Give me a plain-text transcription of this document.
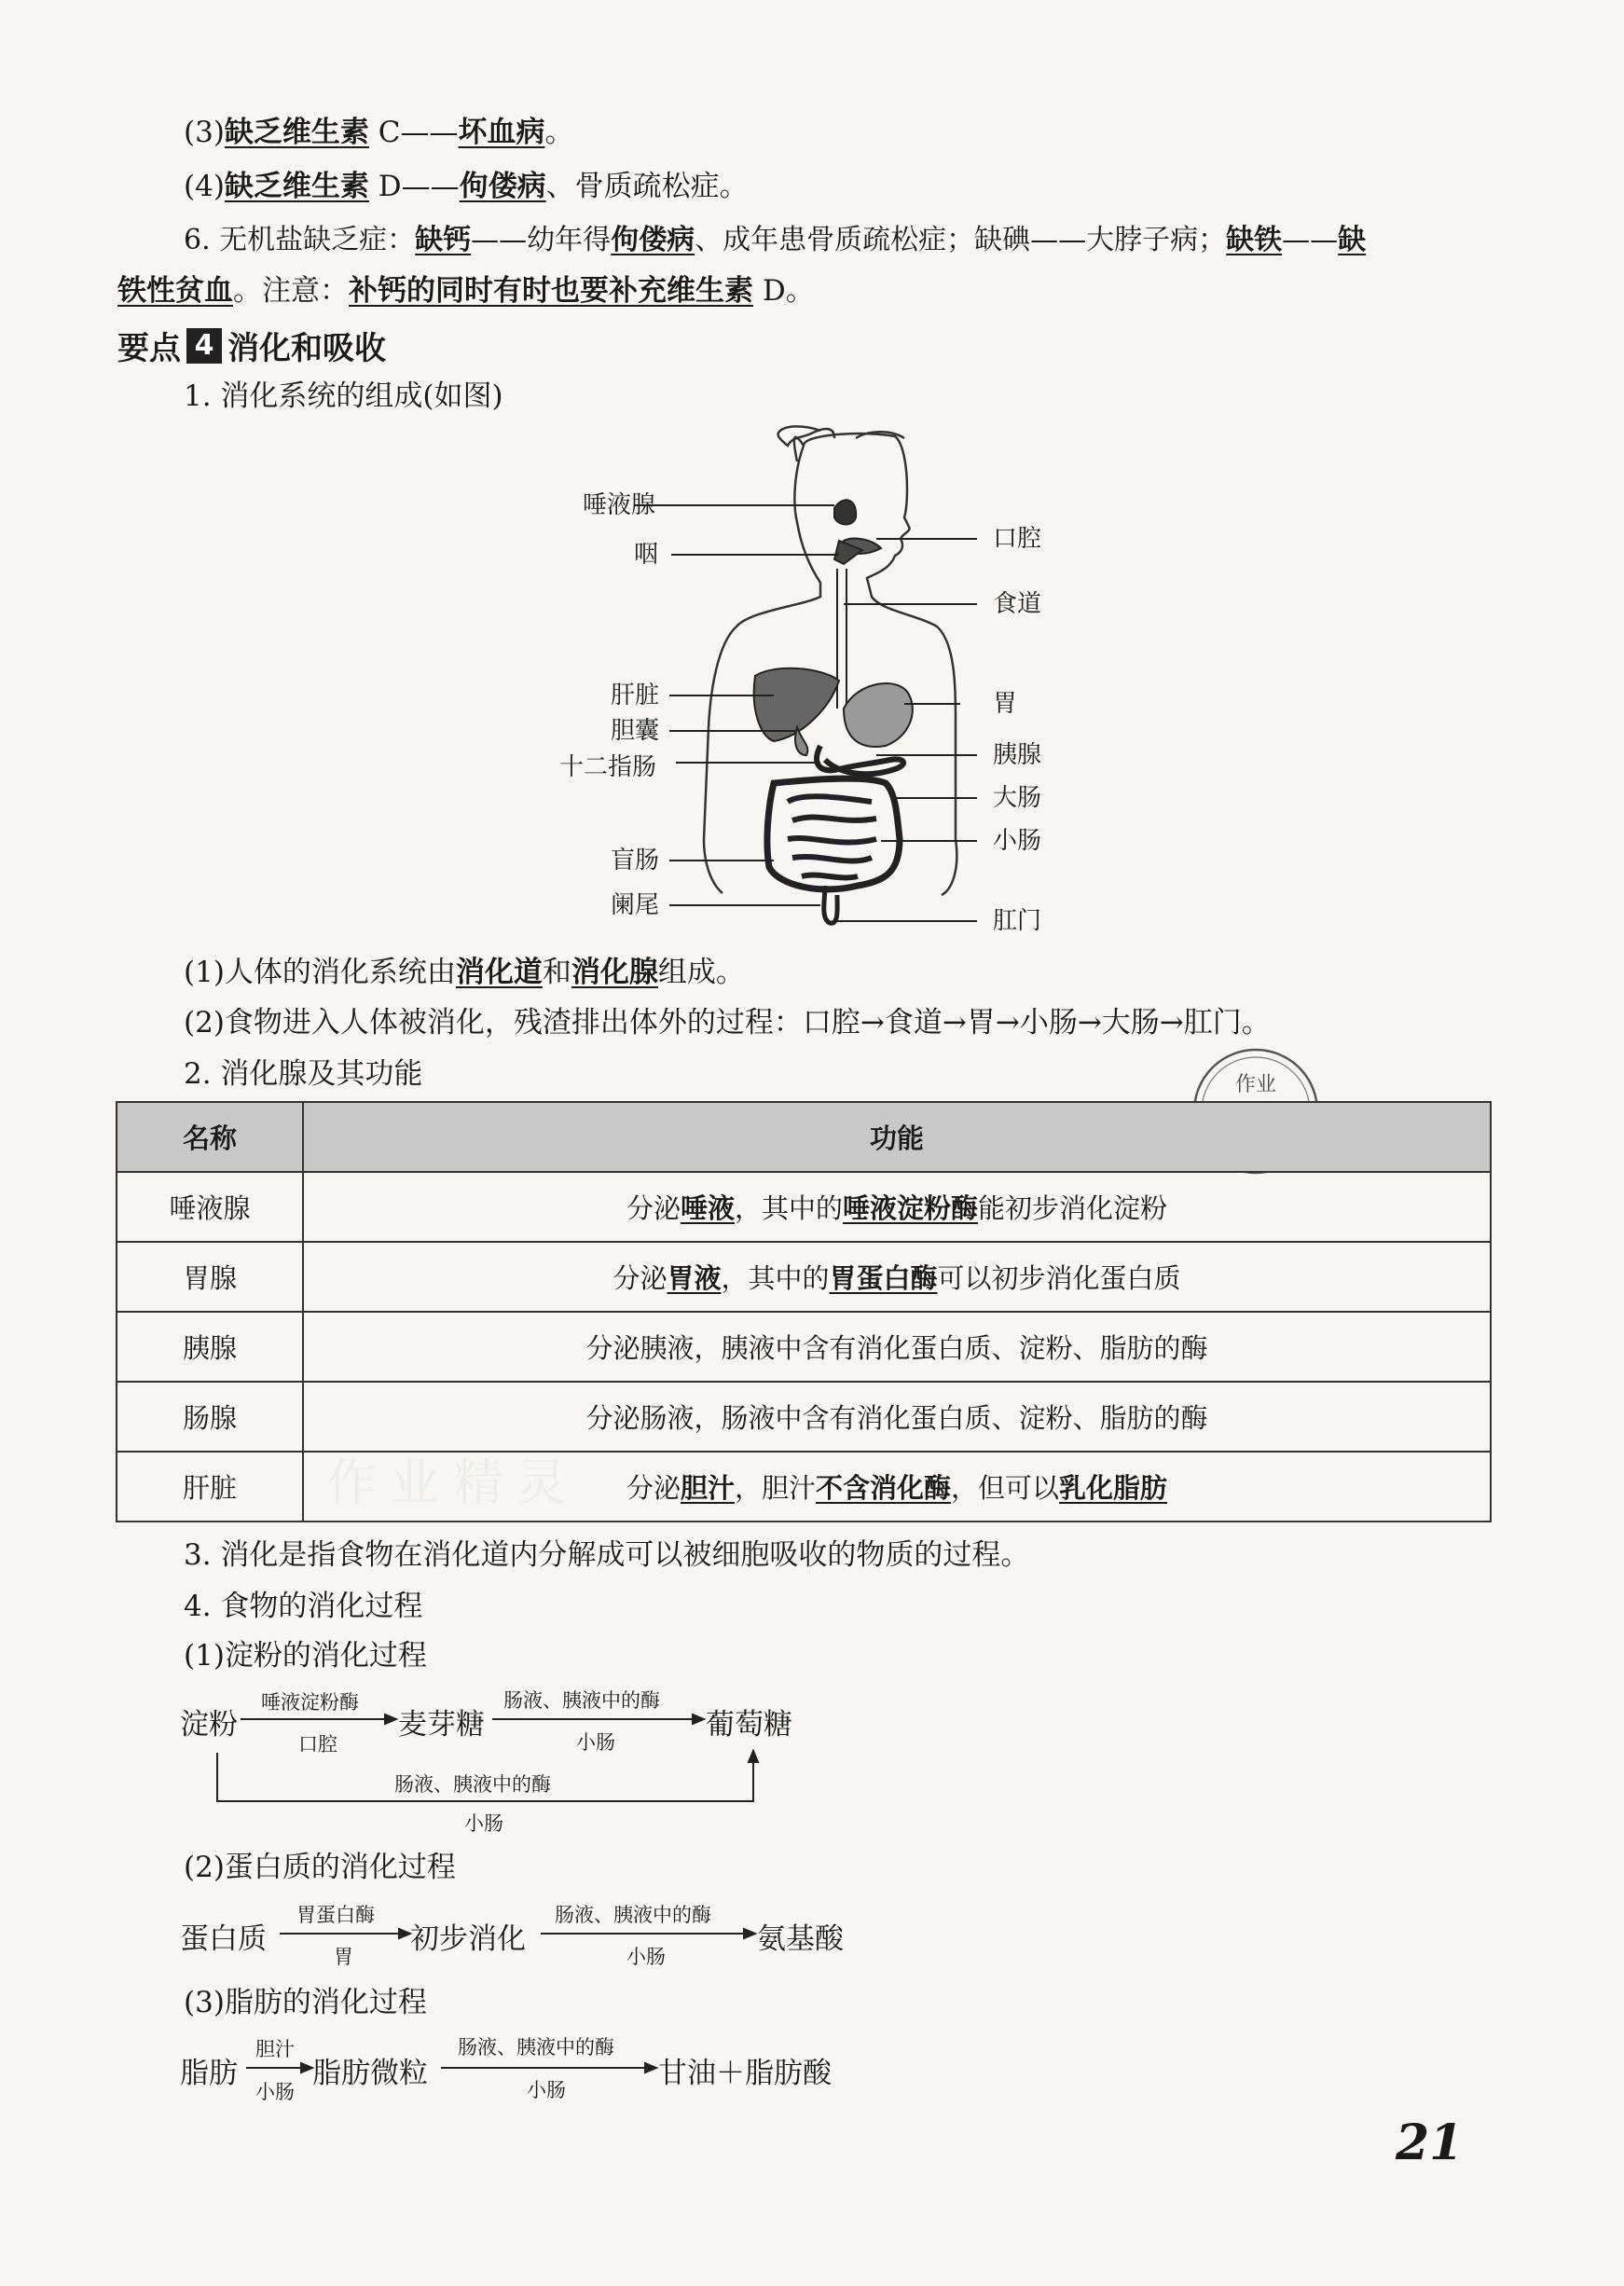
(3)缺乏维生素 C——坏血病。
(4)缺乏维生素 D——佝偻病、骨质疏松症。
6. 无机盐缺乏症：缺钙——幼年得佝偻病、成年患骨质疏松症；缺碘——大脖子病；缺铁——缺
铁性贫血。注意：补钙的同时有时也要补充维生素 D。
要点 4 消化和吸收
1. 消化系统的组成(如图)
唾液腺
咽
肝脏
胆囊
十二指肠
盲肠
阑尾
口腔
食道
胃
胰腺
大肠
小肠
肛门
(1)人体的消化系统由消化道和消化腺组成。
(2)食物进入人体被消化，残渣排出体外的过程：口腔→食道→胃→小肠→大肠→肛门。
2. 消化腺及其功能	作业
名称	功能
唾液腺	分泌唾液，其中的唾液淀粉酶能初步消化淀粉
胃腺	分泌胃液，其中的胃蛋白酶可以初步消化蛋白质
胰腺	分泌胰液，胰液中含有消化蛋白质、淀粉、脂肪的酶
肠腺	分泌肠液，肠液中含有消化蛋白质、淀粉、脂肪的酶
肝脏	分泌胆汁，胆汁不含消化酶，但可以乳化脂肪
作业精灵
3. 消化是指食物在消化道内分解成可以被细胞吸收的物质的过程。
4. 食物的消化过程
(1)淀粉的消化过程
淀粉
唾液淀粉酶
口腔
麦芽糖
肠液、胰液中的酶
小肠
葡萄糖
肠液、胰液中的酶
小肠
(2)蛋白质的消化过程
蛋白质
胃蛋白酶
胃
初步消化
肠液、胰液中的酶
小肠
氨基酸
(3)脂肪的消化过程
脂肪
胆汁
小肠
脂肪微粒
肠液、胰液中的酶
小肠	甘油＋脂肪酸
21
